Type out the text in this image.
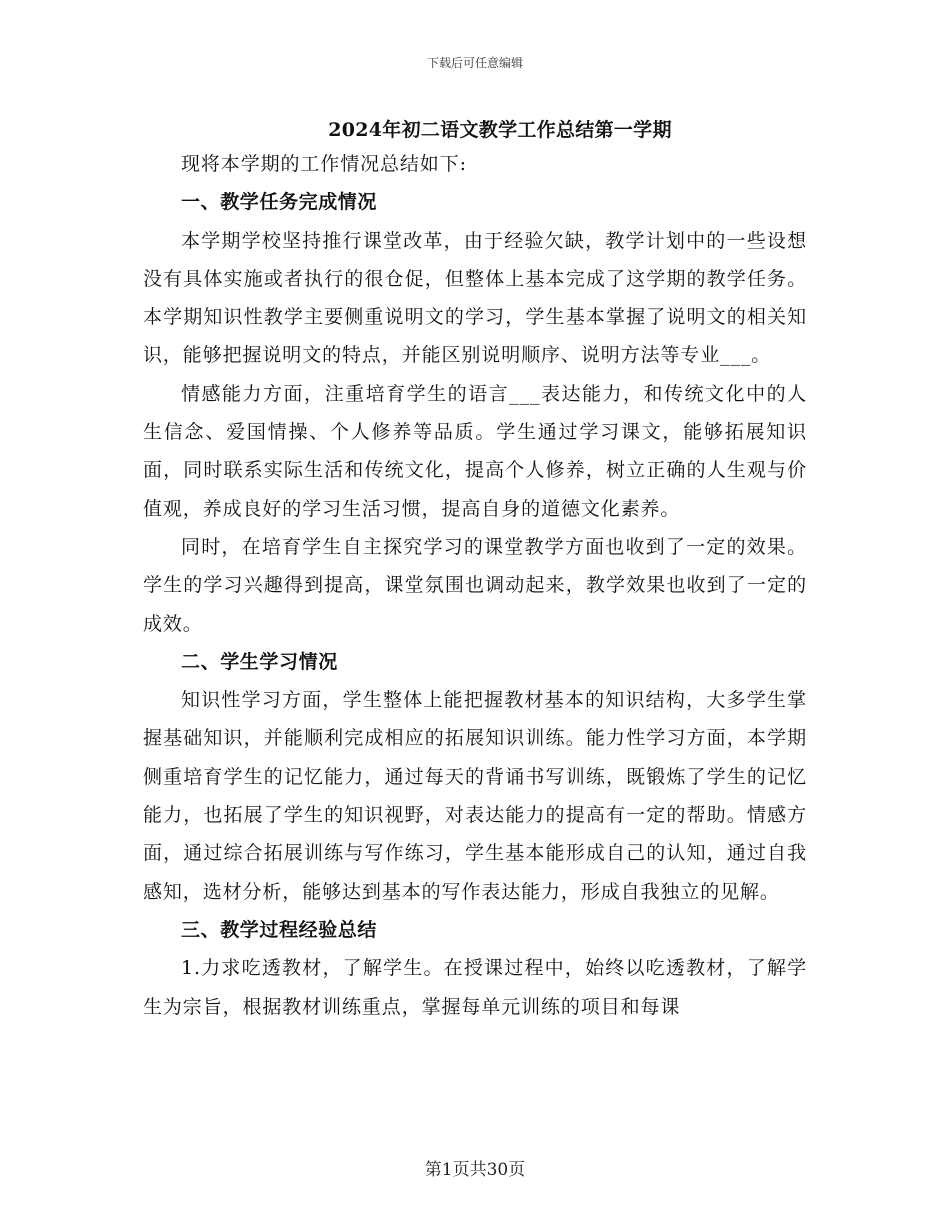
下载后可任意编辑
2024年初二语文教学工作总结第一学期

现将本学期的工作情况总结如下:

一、教学任务完成情况

本学期学校坚持推行课堂改革，由于经验欠缺，教学计划中的一些设想没有具体实施或者执行的很仓促，但整体上基本完成了这学期的教学任务。本学期知识性教学主要侧重说明文的学习，学生基本掌握了说明文的相关知识，能够把握说明文的特点，并能区别说明顺序、说明方法等专业___。

情感能力方面，注重培育学生的语言___表达能力，和传统文化中的人生信念、爱国情操、个人修养等品质。学生通过学习课文，能够拓展知识面，同时联系实际生活和传统文化，提高个人修养，树立正确的人生观与价值观，养成良好的学习生活习惯，提高自身的道德文化素养。

同时，在培育学生自主探究学习的课堂教学方面也收到了一定的效果。学生的学习兴趣得到提高，课堂氛围也调动起来，教学效果也收到了一定的成效。

二、学生学习情况

知识性学习方面，学生整体上能把握教材基本的知识结构，大多学生掌握基础知识，并能顺利完成相应的拓展知识训练。能力性学习方面，本学期侧重培育学生的记忆能力，通过每天的背诵书写训练，既锻炼了学生的记忆能力，也拓展了学生的知识视野，对表达能力的提高有一定的帮助。情感方面，通过综合拓展训练与写作练习，学生基本能形成自己的认知，通过自我感知，选材分析，能够达到基本的写作表达能力，形成自我独立的见解。

三、教学过程经验总结

1.力求吃透教材，了解学生。在授课过程中，始终以吃透教材，了解学生为宗旨，根据教材训练重点，掌握每单元训练的项目和每课

第1页共30页
